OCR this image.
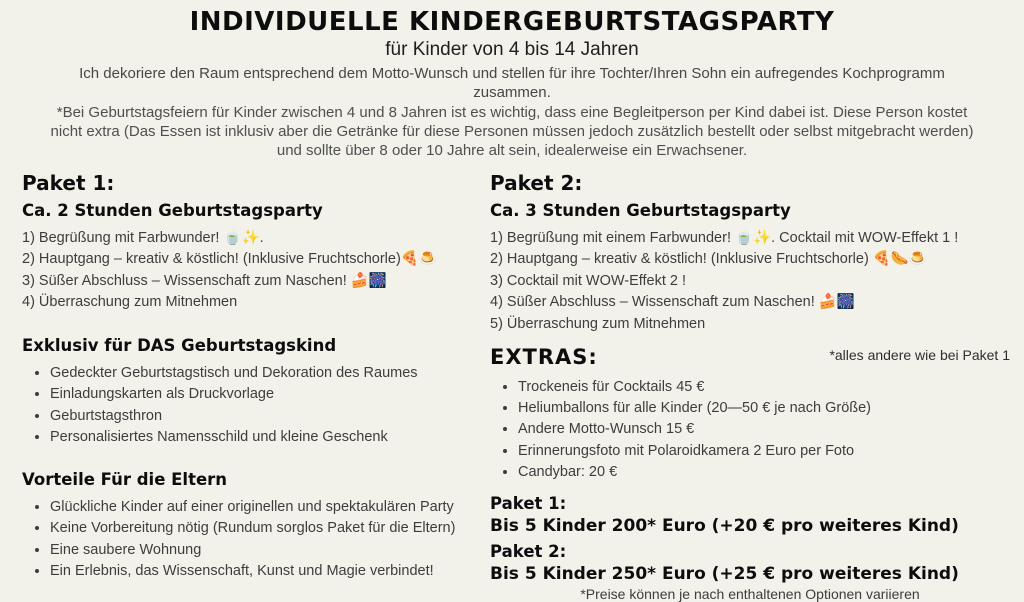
INDIVIDUELLE KINDERGEBURTSTAGSPARTY
für Kinder von 4 bis 14 Jahren

Ich dekoriere den Raum entsprechend dem Motto-Wunsch und stellen für ihre Tochter/Ihren Sohn ein aufregendes Kochprogramm zusammen.

*Bei Geburtstagsfeiern für Kinder zwischen 4 und 8 Jahren ist es wichtig, dass eine Begleitperson per Kind dabei ist. Diese Person kostet nicht extra (Das Essen ist inklusiv aber die Getränke für diese Personen müssen jedoch zusätzlich bestellt oder selbst mitgebracht werden) und sollte über 8 oder 10 Jahre alt sein, idealerweise ein Erwachsener.

Paket 1:
Ca. 2 Stunden Geburtstagsparty
1) Begrüßung mit Farbwunder! 🍵✨.
2) Hauptgang – kreativ & köstlich! (Inklusive Fruchtschorle)🍕🍮
3) Süßer Abschluss – Wissenschaft zum Naschen! 🍰🎆
4) Überraschung zum Mitnehmen
Exklusiv für DAS Geburtstagskind
• Gedeckter Geburtstagstisch und Dekoration des Raumes
• Einladungskarten als Druckvorlage
• Geburtstagsthron
• Personalisiertes Namensschild und kleine Geschenk
Vorteile Für die Eltern
• Glückliche Kinder auf einer originellen und spektakulären Party
• Keine Vorbereitung nötig (Rundum sorglos Paket für die Eltern)
• Eine saubere Wohnung
• Ein Erlebnis, das Wissenschaft, Kunst und Magie verbindet!
Paket 2:
Ca. 3 Stunden Geburtstagsparty
1) Begrüßung mit einem Farbwunder! 🍵✨. Cocktail mit WOW-Effekt 1 !
2) Hauptgang – kreativ & köstlich! (Inklusive Fruchtschorle) 🍕🌭🍮
3) Cocktail mit WOW-Effekt 2 !
4) Süßer Abschluss – Wissenschaft zum Naschen! 🍰🎆
5) Überraschung zum Mitnehmen
EXTRAS:	*alles andere wie bei Paket 1
• Trockeneis für Cocktails 45 €
• Heliumballons für alle Kinder (20—50 € je nach Größe)
• Andere Motto-Wunsch 15 €
• Erinnerungsfoto mit Polaroidkamera 2 Euro per Foto
• Candybar: 20 €
Paket 1:
Bis 5 Kinder 200* Euro (+20 € pro weiteres Kind)
Paket 2:
Bis 5 Kinder 250* Euro (+25 € pro weiteres Kind)
*Preise können je nach enthaltenen Optionen variieren
